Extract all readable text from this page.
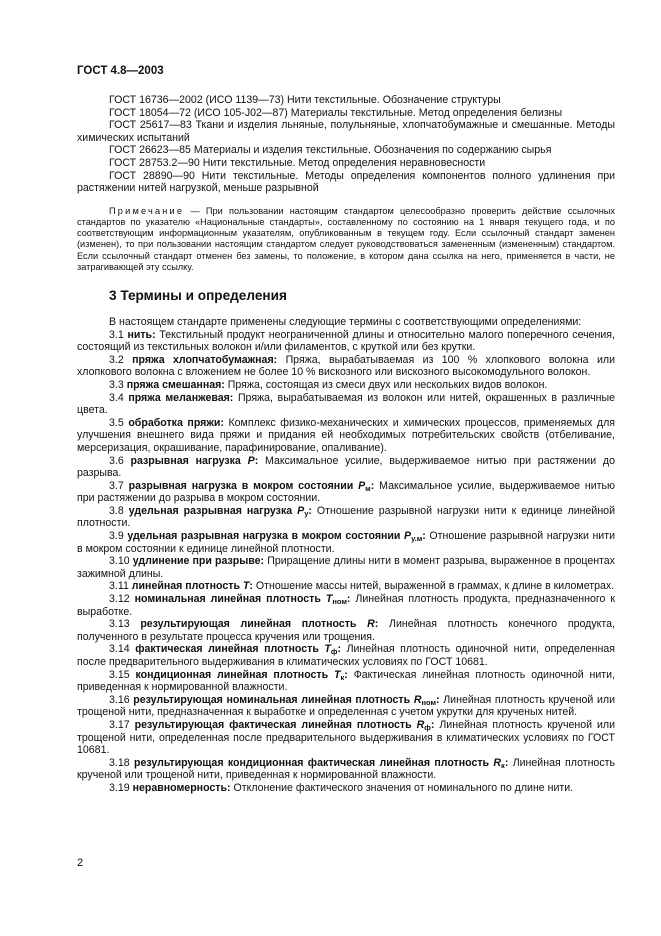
ГОСТ 4.8—2003

ГОСТ 16736—2002 (ИСО 1139—73) Нити текстильные. Обозначение структуры

ГОСТ 18054—72 (ИСО 105-J02—87) Материалы текстильные. Метод определения белизны

ГОСТ 25617—83 Ткани и изделия льняные, полульняные, хлопчатобумажные и смешанные. Методы химических испытаний

ГОСТ 26623—85 Материалы и изделия текстильные. Обозначения по содержанию сырья

ГОСТ 28753.2—90 Нити текстильные. Метод определения неравновесности

ГОСТ 28890—90 Нити текстильные. Методы определения компонентов полного удлинения при растяжении нитей нагрузкой, меньше разрывной

Примечание — При пользовании настоящим стандартом целесообразно проверить действие ссылочных стандартов по указателю «Национальные стандарты», составленному по состоянию на 1 января текущего года, и по соответствующим информационным указателям, опубликованным в текущем году. Если ссылочный стандарт заменен (изменен), то при пользовании настоящим стандартом следует руководствоваться замененным (измененным) стандартом. Если ссылочный стандарт отменен без замены, то положение, в котором дана ссылка на него, применяется в части, не затрагивающей эту ссылку.

3 Термины и определения

В настоящем стандарте применены следующие термины с соответствующими определениями:

3.1 нить: Текстильный продукт неограниченной длины и относительно малого поперечного сечения, состоящий из текстильных волокон и/или филаментов, с круткой или без крутки.

3.2 пряжа хлопчатобумажная: Пряжа, вырабатываемая из 100 % хлопкового волокна или хлопкового волокна с вложением не более 10 % вискозного или вискозного высокомодульного волокон.

3.3 пряжа смешанная: Пряжа, состоящая из смеси двух или нескольких видов волокон.

3.4 пряжа меланжевая: Пряжа, вырабатываемая из волокон или нитей, окрашенных в различные цвета.

3.5 обработка пряжи: Комплекс физико-механических и химических процессов, применяемых для улучшения внешнего вида пряжи и придания ей необходимых потребительских свойств (отбеливание, мерсеризация, окрашивание, парафинирование, опаливание).

3.6 разрывная нагрузка P: Максимальное усилие, выдерживаемое нитью при растяжении до разрыва.

3.7 разрывная нагрузка в мокром состоянии $P_м$: Максимальное усилие, выдерживаемое нитью при растяжении до разрыва в мокром состоянии.

3.8 удельная разрывная нагрузка $P_у$: Отношение разрывной нагрузки нити к единице линейной плотности.

3.9 удельная разрывная нагрузка в мокром состоянии $P_{у.м}$: Отношение разрывной нагрузки нити в мокром состоянии к единице линейной плотности.

3.10 удлинение при разрыве: Приращение длины нити в момент разрыва, выраженное в процентах зажимной длины.

3.11 линейная плотность T: Отношение массы нитей, выраженной в граммах, к длине в километрах.

3.12 номинальная линейная плотность $T_{ном}$: Линейная плотность продукта, предназначенного к выработке.

3.13 результирующая линейная плотность R: Линейная плотность конечного продукта, полученного в результате процесса кручения или трощения.

3.14 фактическая линейная плотность $T_ф$: Линейная плотность одиночной нити, определенная после предварительного выдерживания в климатических условиях по ГОСТ 10681.

3.15 кондиционная линейная плотность $T_к$: Фактическая линейная плотность одиночной нити, приведенная к нормированной влажности.

3.16 результирующая номинальная линейная плотность $R_{ном}$: Линейная плотность крученой или трощеной нити, предназначенная к выработке и определенная с учетом укрутки для крученых нитей.

3.17 результирующая фактическая линейная плотность $R_ф$: Линейная плотность крученой или трощеной нити, определенная после предварительного выдерживания в климатических условиях по ГОСТ 10681.

3.18 результирующая кондиционная фактическая линейная плотность $R_к$: Линейная плотность крученой или трощеной нити, приведенная к нормированной влажности.

3.19 неравномерность: Отклонение фактического значения от номинального по длине нити.

2
